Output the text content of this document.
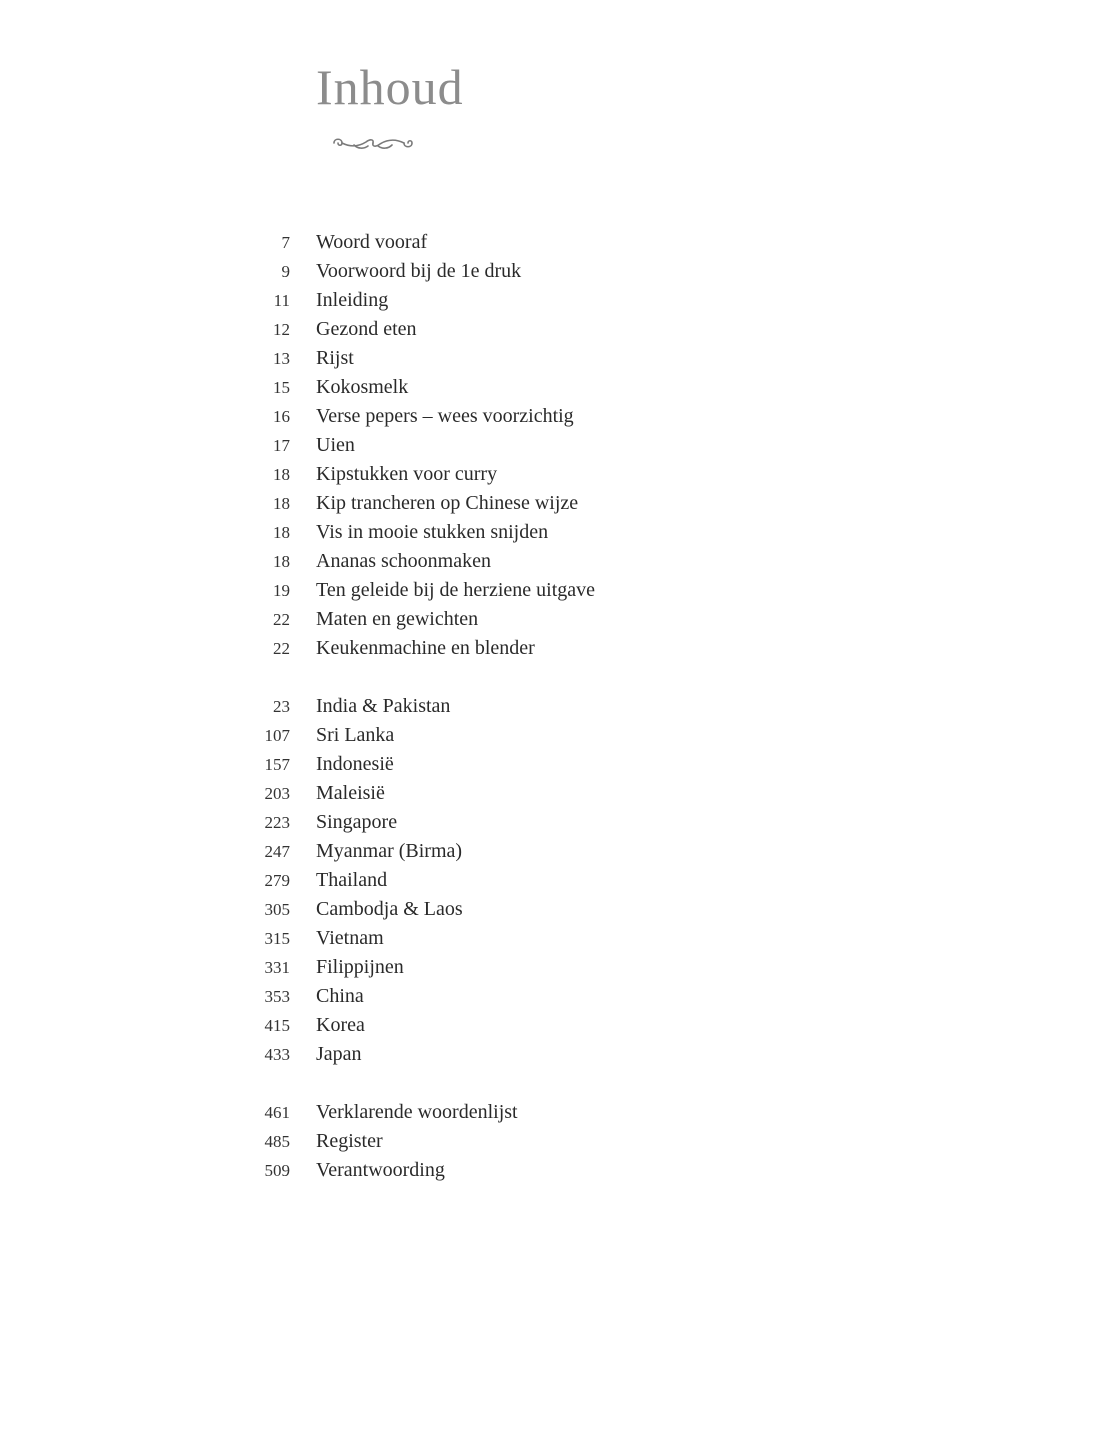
Inhoud
7 Woord vooraf
9 Voorwoord bij de 1e druk
11 Inleiding
12 Gezond eten
13 Rijst
15 Kokosmelk
16 Verse pepers – wees voorzichtig
17 Uien
18 Kipstukken voor curry
18 Kip trancheren op Chinese wijze
18 Vis in mooie stukken snijden
18 Ananas schoonmaken
19 Ten geleide bij de herziene uitgave
22 Maten en gewichten
22 Keukenmachine en blender
23 India & Pakistan
107 Sri Lanka
157 Indonesië
203 Maleisië
223 Singapore
247 Myanmar (Birma)
279 Thailand
305 Cambodja & Laos
315 Vietnam
331 Filippijnen
353 China
415 Korea
433 Japan
461 Verklarende woordenlijst
485 Register
509 Verantwoording
